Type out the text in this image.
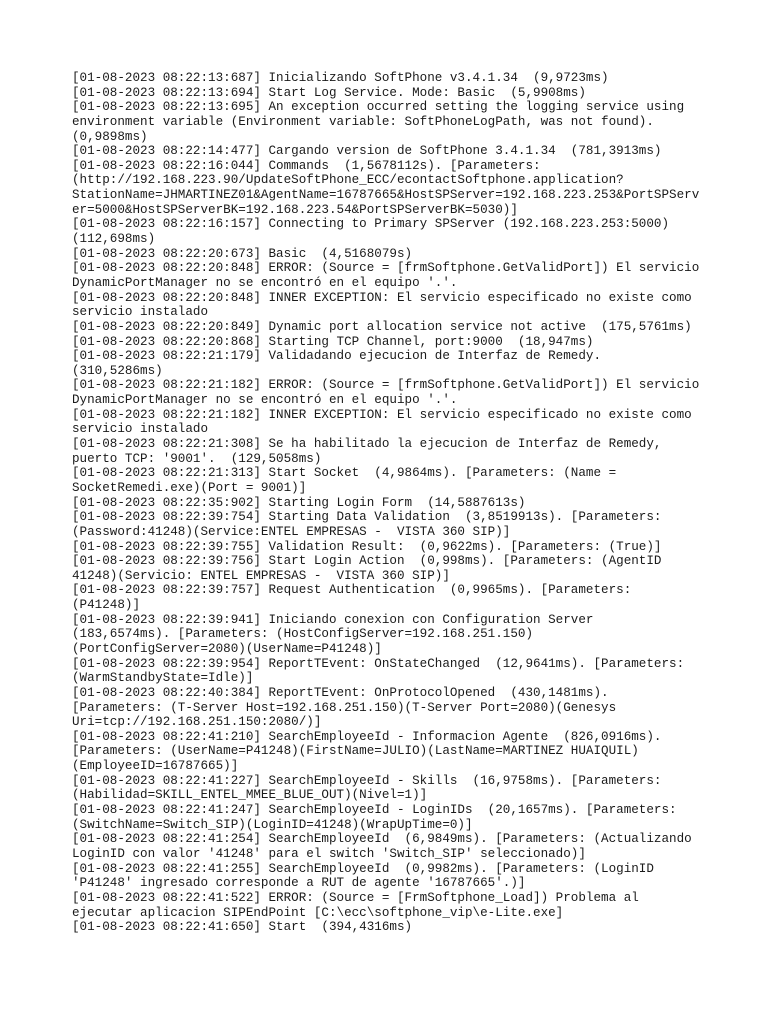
[01-08-2023 08:22:13:687] Inicializando SoftPhone v3.4.1.34  (9,9723ms)
[01-08-2023 08:22:13:694] Start Log Service. Mode: Basic  (5,9908ms)
[01-08-2023 08:22:13:695] An exception occurred setting the logging service using
environment variable (Environment variable: SoftPhoneLogPath, was not found).
(0,9898ms)
[01-08-2023 08:22:14:477] Cargando version de SoftPhone 3.4.1.34  (781,3913ms)
[01-08-2023 08:22:16:044] Commands  (1,5678112s). [Parameters:
(http://192.168.223.90/UpdateSoftPhone_ECC/econtactSoftphone.application?
StationName=JHMARTINEZ01&AgentName=16787665&HostSPServer=192.168.223.253&PortSPServ
er=5000&HostSPServerBK=192.168.223.54&PortSPServerBK=5030)]
[01-08-2023 08:22:16:157] Connecting to Primary SPServer (192.168.223.253:5000)
(112,698ms)
[01-08-2023 08:22:20:673] Basic  (4,5168079s)
[01-08-2023 08:22:20:848] ERROR: (Source = [frmSoftphone.GetValidPort]) El servicio
DynamicPortManager no se encontró en el equipo '.'.
[01-08-2023 08:22:20:848] INNER EXCEPTION: El servicio especificado no existe como
servicio instalado
[01-08-2023 08:22:20:849] Dynamic port allocation service not active  (175,5761ms)
[01-08-2023 08:22:20:868] Starting TCP Channel, port:9000  (18,947ms)
[01-08-2023 08:22:21:179] Validadando ejecucion de Interfaz de Remedy.
(310,5286ms)
[01-08-2023 08:22:21:182] ERROR: (Source = [frmSoftphone.GetValidPort]) El servicio
DynamicPortManager no se encontró en el equipo '.'.
[01-08-2023 08:22:21:182] INNER EXCEPTION: El servicio especificado no existe como
servicio instalado
[01-08-2023 08:22:21:308] Se ha habilitado la ejecucion de Interfaz de Remedy,
puerto TCP: '9001'.  (129,5058ms)
[01-08-2023 08:22:21:313] Start Socket  (4,9864ms). [Parameters: (Name =
SocketRemedi.exe)(Port = 9001)]
[01-08-2023 08:22:35:902] Starting Login Form  (14,5887613s)
[01-08-2023 08:22:39:754] Starting Data Validation  (3,8519913s). [Parameters:
(Password:41248)(Service:ENTEL EMPRESAS -  VISTA 360 SIP)]
[01-08-2023 08:22:39:755] Validation Result:  (0,9622ms). [Parameters: (True)]
[01-08-2023 08:22:39:756] Start Login Action  (0,998ms). [Parameters: (AgentID
41248)(Servicio: ENTEL EMPRESAS -  VISTA 360 SIP)]
[01-08-2023 08:22:39:757] Request Authentication  (0,9965ms). [Parameters:
(P41248)]
[01-08-2023 08:22:39:941] Iniciando conexion con Configuration Server
(183,6574ms). [Parameters: (HostConfigServer=192.168.251.150)
(PortConfigServer=2080)(UserName=P41248)]
[01-08-2023 08:22:39:954] ReportTEvent: OnStateChanged  (12,9641ms). [Parameters:
(WarmStandbyState=Idle)]
[01-08-2023 08:22:40:384] ReportTEvent: OnProtocolOpened  (430,1481ms).
[Parameters: (T-Server Host=192.168.251.150)(T-Server Port=2080)(Genesys
Uri=tcp://192.168.251.150:2080/)]
[01-08-2023 08:22:41:210] SearchEmployeeId - Informacion Agente  (826,0916ms).
[Parameters: (UserName=P41248)(FirstName=JULIO)(LastName=MARTINEZ HUAIQUIL)
(EmployeeID=16787665)]
[01-08-2023 08:22:41:227] SearchEmployeeId - Skills  (16,9758ms). [Parameters:
(Habilidad=SKILL_ENTEL_MMEE_BLUE_OUT)(Nivel=1)]
[01-08-2023 08:22:41:247] SearchEmployeeId - LoginIDs  (20,1657ms). [Parameters:
(SwitchName=Switch_SIP)(LoginID=41248)(WrapUpTime=0)]
[01-08-2023 08:22:41:254] SearchEmployeeId  (6,9849ms). [Parameters: (Actualizando
LoginID con valor '41248' para el switch 'Switch_SIP' seleccionado)]
[01-08-2023 08:22:41:255] SearchEmployeeId  (0,9982ms). [Parameters: (LoginID
'P41248' ingresado corresponde a RUT de agente '16787665'.)]
[01-08-2023 08:22:41:522] ERROR: (Source = [FrmSoftphone_Load]) Problema al
ejecutar aplicacion SIPEndPoint [C:\ecc\softphone_vip\e-Lite.exe]
[01-08-2023 08:22:41:650] Start  (394,4316ms)
